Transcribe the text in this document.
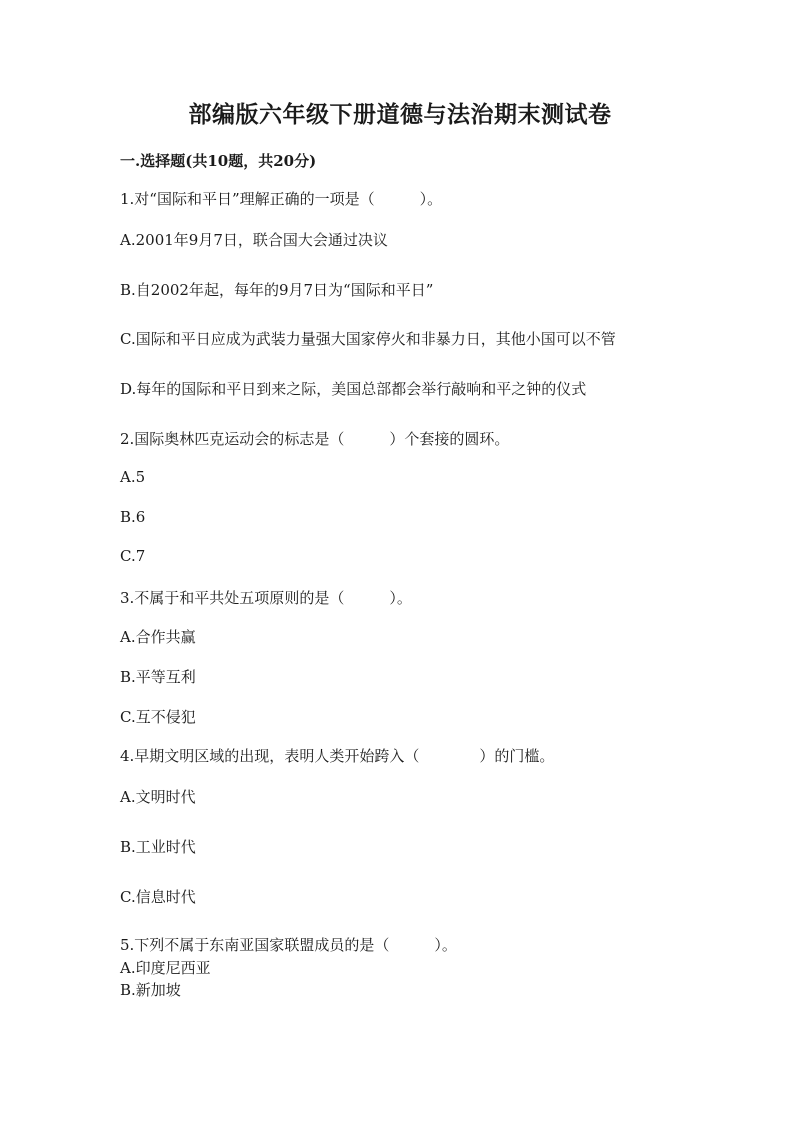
部编版六年级下册道德与法治期末测试卷
一.选择题(共10题，共20分)
1.对“国际和平日”理解正确的一项是（　　　）。
A.2001年9月7日，联合国大会通过决议
B.自2002年起，每年的9月7日为“国际和平日”
C.国际和平日应成为武装力量强大国家停火和非暴力日，其他小国可以不管
D.每年的国际和平日到来之际，美国总部都会举行敲响和平之钟的仪式
2.国际奥林匹克运动会的标志是（　　　）个套接的圆环。
A.5
B.6
C.7
3.不属于和平共处五项原则的是（　　　）。
A.合作共赢
B.平等互利
C.互不侵犯
4.早期文明区域的出现，表明人类开始跨入（　　　　）的门槛。
A.文明时代
B.工业时代
C.信息时代
5.下列不属于东南亚国家联盟成员的是（　　　）。
A.印度尼西亚
B.新加坡
